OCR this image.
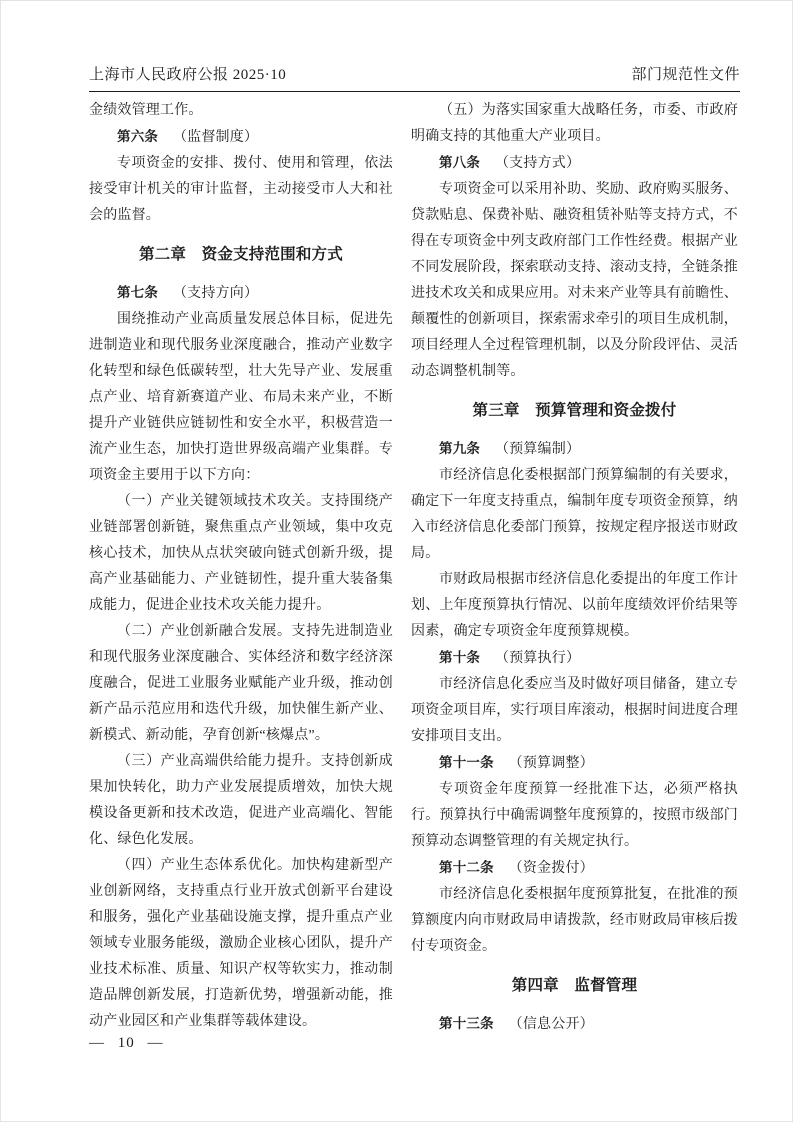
上海市人民政府公报 2025·10	部门规范性文件

金绩效管理工作。

第六条 （监督制度）

专项资金的安排、拨付、使用和管理，依法接受审计机关的审计监督，主动接受市人大和社会的监督。

第二章 资金支持范围和方式

第七条 （支持方向）

围绕推动产业高质量发展总体目标，促进先进制造业和现代服务业深度融合，推动产业数字化转型和绿色低碳转型，壮大先导产业、发展重点产业、培育新赛道产业、布局未来产业，不断提升产业链供应链韧性和安全水平，积极营造一流产业生态，加快打造世界级高端产业集群。专项资金主要用于以下方向：

（一）产业关键领域技术攻关。支持围绕产业链部署创新链，聚焦重点产业领域，集中攻克核心技术，加快从点状突破向链式创新升级，提高产业基础能力、产业链韧性，提升重大装备集成能力，促进企业技术攻关能力提升。

（二）产业创新融合发展。支持先进制造业和现代服务业深度融合、实体经济和数字经济深度融合，促进工业服务业赋能产业升级，推动创新产品示范应用和迭代升级，加快催生新产业、新模式、新动能，孕育创新“核爆点”。

（三）产业高端供给能力提升。支持创新成果加快转化，助力产业发展提质增效，加快大规模设备更新和技术改造，促进产业高端化、智能化、绿色化发展。

（四）产业生态体系优化。加快构建新型产业创新网络，支持重点行业开放式创新平台建设和服务，强化产业基础设施支撑，提升重点产业领域专业服务能级，激励企业核心团队，提升产业技术标准、质量、知识产权等软实力，推动制造品牌创新发展，打造新优势，增强新动能，推动产业园区和产业集群等载体建设。

（五）为落实国家重大战略任务，市委、市政府明确支持的其他重大产业项目。

第八条 （支持方式）

专项资金可以采用补助、奖励、政府购买服务、贷款贴息、保费补贴、融资租赁补贴等支持方式，不得在专项资金中列支政府部门工作性经费。根据产业不同发展阶段，探索联动支持、滚动支持，全链条推进技术攻关和成果应用。对未来产业等具有前瞻性、颠覆性的创新项目，探索需求牵引的项目生成机制，项目经理人全过程管理机制，以及分阶段评估、灵活动态调整机制等。

第三章 预算管理和资金拨付

第九条 （预算编制）

市经济信息化委根据部门预算编制的有关要求，确定下一年度支持重点，编制年度专项资金预算，纳入市经济信息化委部门预算，按规定程序报送市财政局。

市财政局根据市经济信息化委提出的年度工作计划、上年度预算执行情况、以前年度绩效评价结果等因素，确定专项资金年度预算规模。

第十条 （预算执行）

市经济信息化委应当及时做好项目储备，建立专项资金项目库，实行项目库滚动，根据时间进度合理安排项目支出。

第十一条 （预算调整）

专项资金年度预算一经批准下达，必须严格执行。预算执行中确需调整年度预算的，按照市级部门预算动态调整管理的有关规定执行。

第十二条 （资金拨付）

市经济信息化委根据年度预算批复，在批准的预算额度内向市财政局申请拨款，经市财政局审核后拨付专项资金。

第四章 监督管理

第十三条 （信息公开）

— 10 —
